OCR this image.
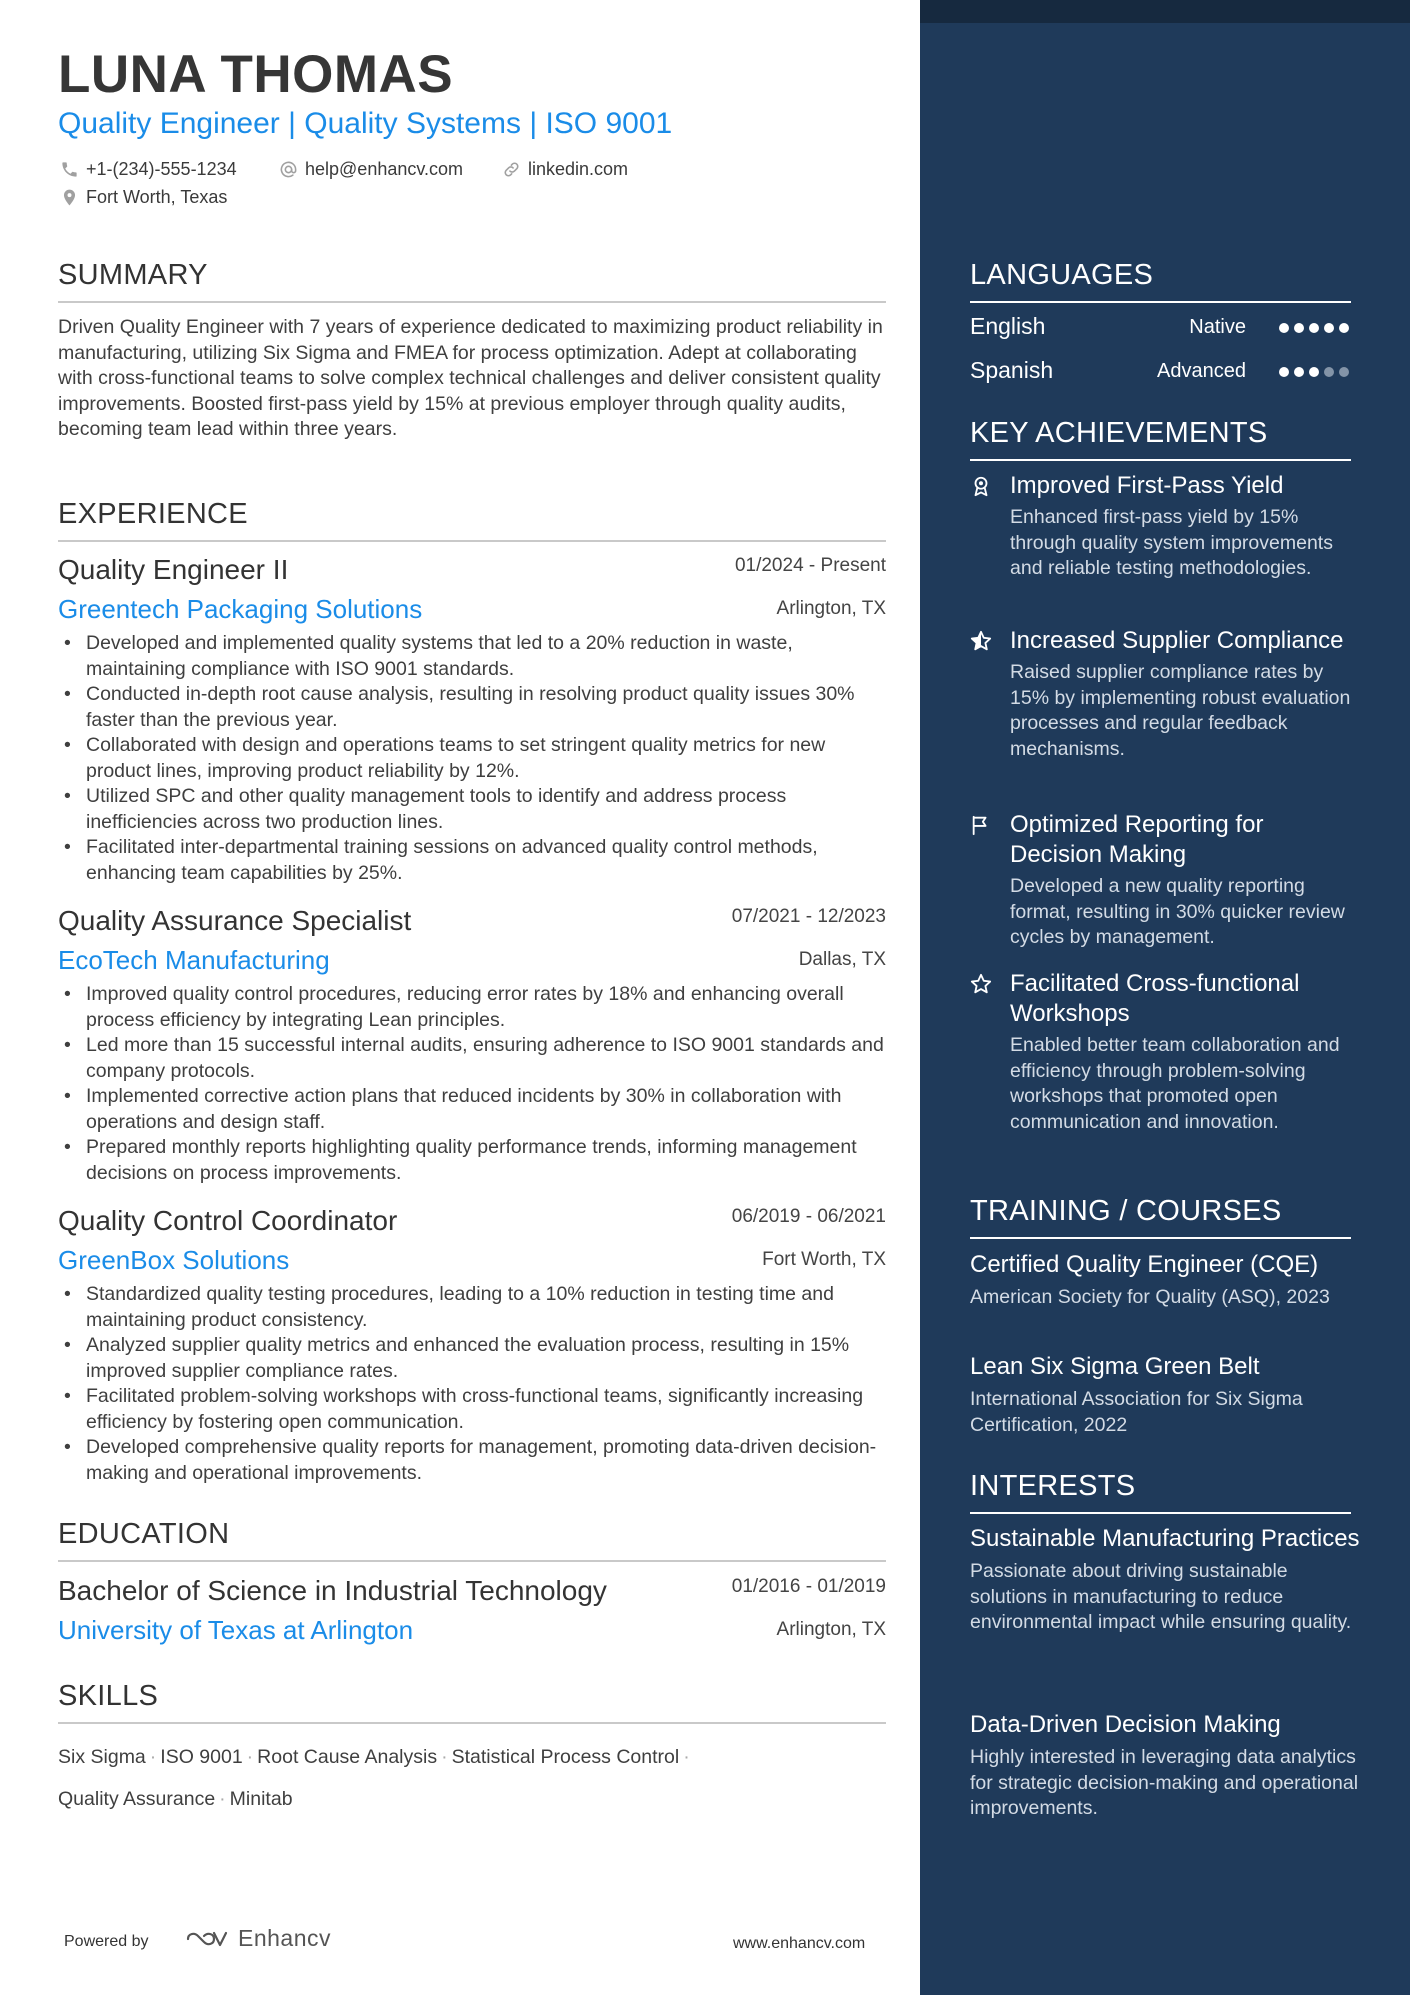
LUNA THOMAS
Quality Engineer | Quality Systems | ISO 9001
+1-(234)-555-1234	help@enhancv.com	linkedin.com
Fort Worth, Texas
SUMMARY

Driven Quality Engineer with 7 years of experience dedicated to maximizing product reliability in manufacturing, utilizing Six Sigma and FMEA for process optimization. Adept at collaborating with cross-functional teams to solve complex technical challenges and deliver consistent quality improvements. Boosted first-pass yield by 15% at previous employer through quality audits, becoming team lead within three years.

EXPERIENCE
Quality Engineer II	01/2024 - Present
Greentech Packaging Solutions	Arlington, TX
• Developed and implemented quality systems that led to a 20% reduction in waste, maintaining compliance with ISO 9001 standards.
• Conducted in-depth root cause analysis, resulting in resolving product quality issues 30% faster than the previous year.
• Collaborated with design and operations teams to set stringent quality metrics for new product lines, improving product reliability by 12%.
• Utilized SPC and other quality management tools to identify and address process inefficiencies across two production lines.
• Facilitated inter-departmental training sessions on advanced quality control methods, enhancing team capabilities by 25%.
Quality Assurance Specialist	07/2021 - 12/2023
EcoTech Manufacturing	Dallas, TX
• Improved quality control procedures, reducing error rates by 18% and enhancing overall process efficiency by integrating Lean principles.
• Led more than 15 successful internal audits, ensuring adherence to ISO 9001 standards and company protocols.
• Implemented corrective action plans that reduced incidents by 30% in collaboration with operations and design staff.
• Prepared monthly reports highlighting quality performance trends, informing management decisions on process improvements.
Quality Control Coordinator	06/2019 - 06/2021
GreenBox Solutions	Fort Worth, TX
• Standardized quality testing procedures, leading to a 10% reduction in testing time and maintaining product consistency.
• Analyzed supplier quality metrics and enhanced the evaluation process, resulting in 15% improved supplier compliance rates.
• Facilitated problem-solving workshops with cross-functional teams, significantly increasing efficiency by fostering open communication.
• Developed comprehensive quality reports for management, promoting data-driven decision-making and operational improvements.
EDUCATION
Bachelor of Science in Industrial Technology	01/2016 - 01/2019
University of Texas at Arlington	Arlington, TX
SKILLS
Six Sigma · ISO 9001 · Root Cause Analysis · Statistical Process Control ·
Quality Assurance · Minitab
Powered by	Enhancv	www.enhancv.com
LANGUAGES
English	Native
Spanish	Advanced
KEY ACHIEVEMENTS
Improved First-Pass Yield
Enhanced first-pass yield by 15% through quality system improvements and reliable testing methodologies.
Increased Supplier Compliance
Raised supplier compliance rates by 15% by implementing robust evaluation processes and regular feedback mechanisms.
Optimized Reporting for Decision Making
Developed a new quality reporting format, resulting in 30% quicker review cycles by management.
Facilitated Cross-functional Workshops
Enabled better team collaboration and efficiency through problem-solving workshops that promoted open communication and innovation.
TRAINING / COURSES
Certified Quality Engineer (CQE)
American Society for Quality (ASQ), 2023
Lean Six Sigma Green Belt
International Association for Six Sigma Certification, 2022
INTERESTS
Sustainable Manufacturing Practices
Passionate about driving sustainable solutions in manufacturing to reduce environmental impact while ensuring quality.
Data-Driven Decision Making
Highly interested in leveraging data analytics for strategic decision-making and operational improvements.
